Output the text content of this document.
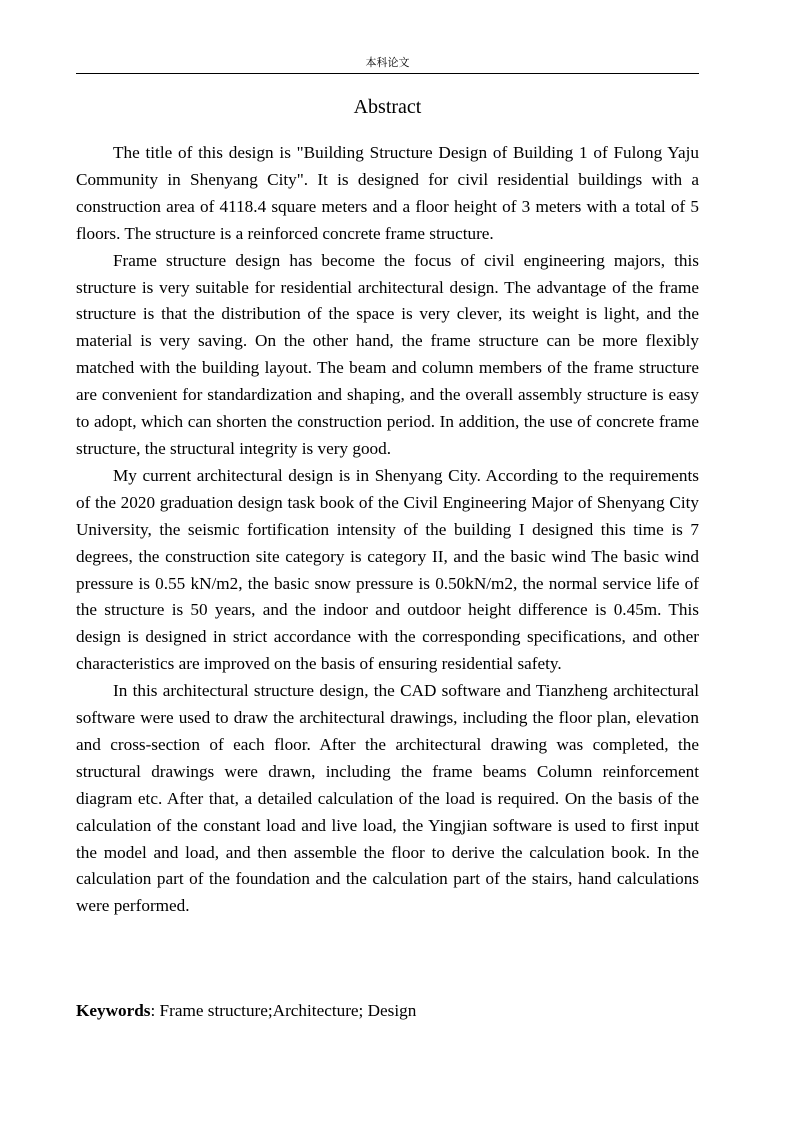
本科论文
Abstract

The title of this design is "Building Structure Design of Building 1 of Fulong Yaju Community in Shenyang City". It is designed for civil residential buildings with a construction area of 4118.4 square meters and a floor height of 3 meters with a total of 5 floors. The structure is a reinforced concrete frame structure.

Frame structure design has become the focus of civil engineering majors, this structure is very suitable for residential architectural design. The advantage of the frame structure is that the distribution of the space is very clever, its weight is light, and the material is very saving. On the other hand, the frame structure can be more flexibly matched with the building layout. The beam and column members of the frame structure are convenient for standardization and shaping, and the overall assembly structure is easy to adopt, which can shorten the construction period. In addition, the use of concrete frame structure, the structural integrity is very good.

My current architectural design is in Shenyang City. According to the requirements of the 2020 graduation design task book of the Civil Engineering Major of Shenyang City University, the seismic fortification intensity of the building I designed this time is 7 degrees, the construction site category is category II, and the basic wind The basic wind pressure is 0.55 kN/m2, the basic snow pressure is 0.50kN/m2, the normal service life of the structure is 50 years, and the indoor and outdoor height difference is 0.45m. This design is designed in strict accordance with the corresponding specifications, and other characteristics are improved on the basis of ensuring residential safety.

In this architectural structure design, the CAD software and Tianzheng architectural software were used to draw the architectural drawings, including the floor plan, elevation and cross-section of each floor. After the architectural drawing was completed, the structural drawings were drawn, including the frame beams Column reinforcement diagram etc. After that, a detailed calculation of the load is required. On the basis of the calculation of the constant load and live load, the Yingjian software is used to first input the model and load, and then assemble the floor to derive the calculation book. In the calculation part of the foundation and the calculation part of the stairs, hand calculations were performed.

Keywords: Frame structure;Architecture; Design
